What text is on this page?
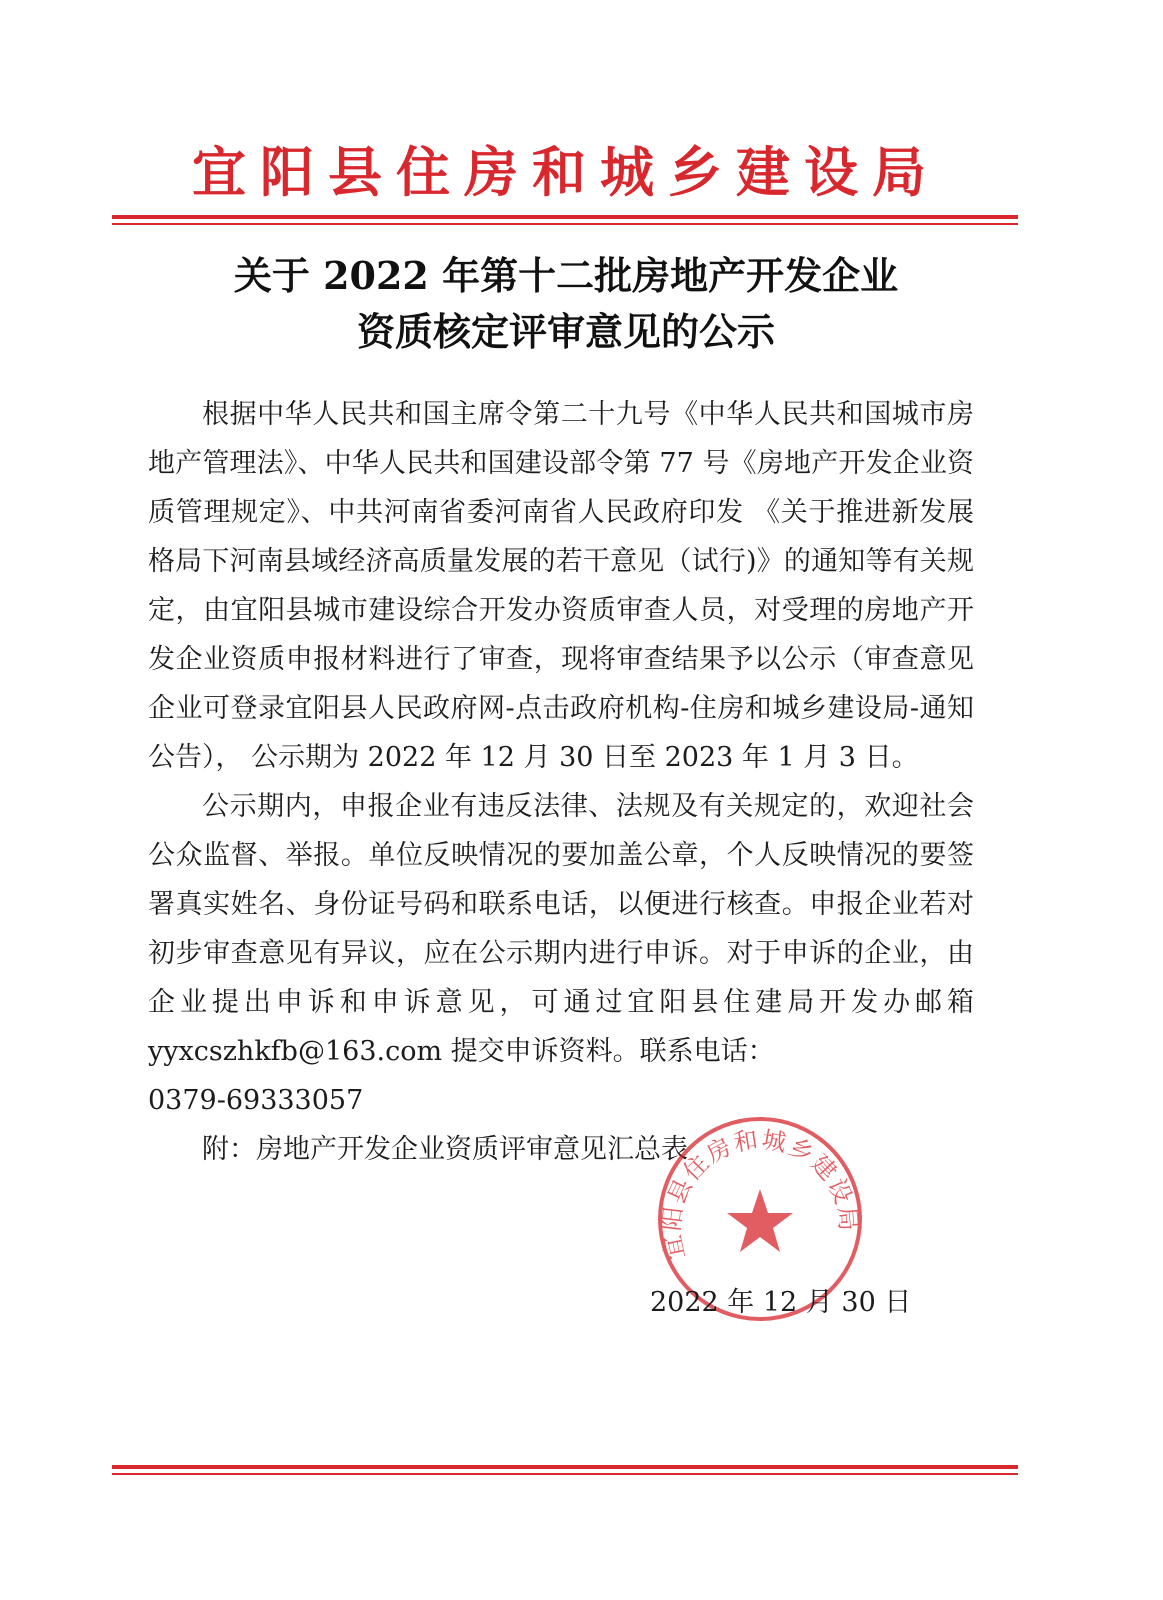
宜阳县住房和城乡建设局
关于 2022 年第十二批房地产开发企业
资质核定评审意见的公示

根据中华人民共和国主席令第二十九号《中华人民共和国城市房地产管理法》、中华人民共和国建设部令第 77 号《房地产开发企业资质管理规定》、中共河南省委河南省人民政府印发 《关于推进新发展格局下河南县域经济高质量发展的若干意见（试行)》的通知等有关规定，由宜阳县城市建设综合开发办资质审查人员，对受理的房地产开发企业资质申报材料进行了审查，现将审查结果予以公示（审查意见企业可登录宜阳县人民政府网-点击政府机构-住房和城乡建设局-通知公告）， 公示期为 2022 年 12 月 30 日至 2023 年 1 月 3 日。

公示期内，申报企业有违反法律、法规及有关规定的，欢迎社会公众监督、举报。单位反映情况的要加盖公章，个人反映情况的要签署真实姓名、身份证号码和联系电话，以便进行核查。申报企业若对初步审查意见有异议，应在公示期内进行申诉。对于申诉的企业，由企业提出申诉和申诉意见，可通过宜阳县住建局开发办邮箱 yyxcszhkfb@163.com 提交申诉资料。联系电话：

0379-69333057

附：房地产开发企业资质评审意见汇总表

宜阳县住房和城乡建设局
2022 年 12 月 30 日
